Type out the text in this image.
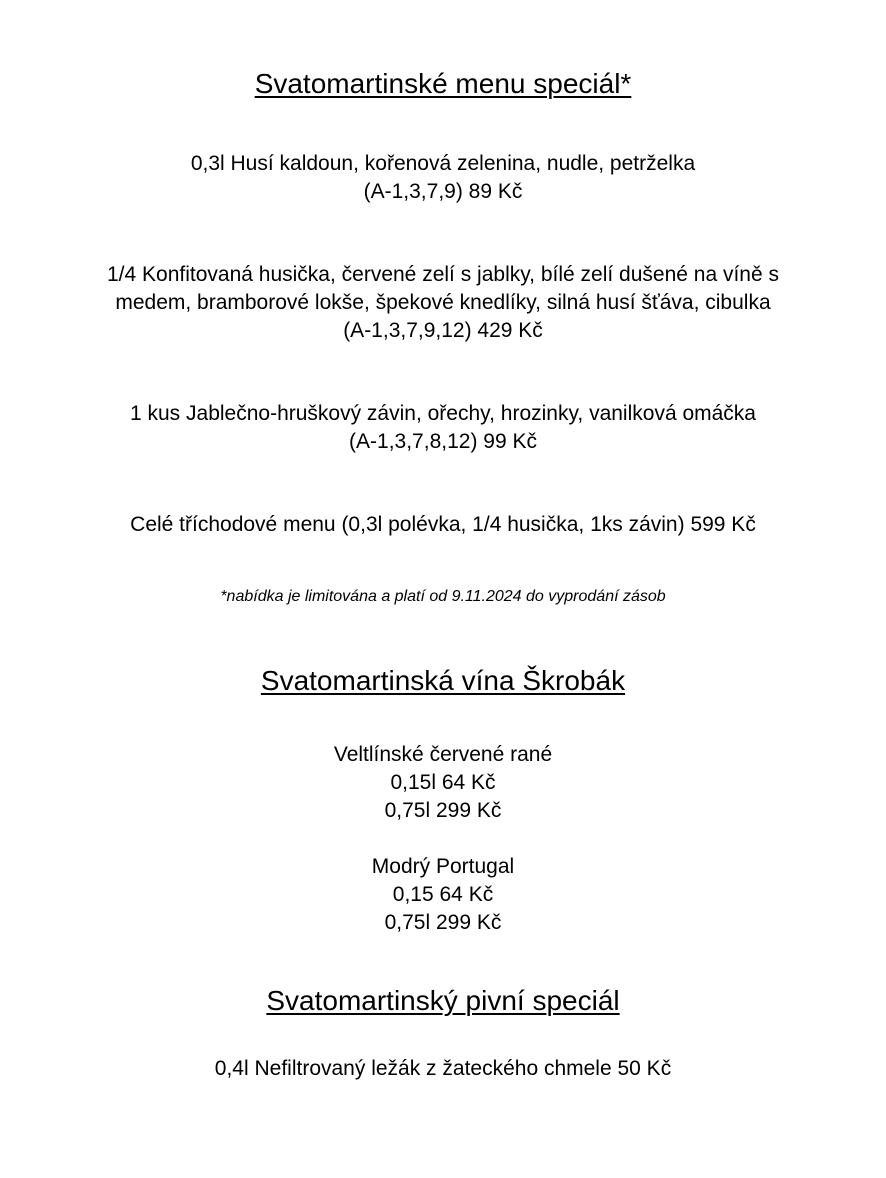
Svatomartinské menu speciál*
0,3l Husí kaldoun, kořenová zelenina, nudle, petrželka
(A-1,3,7,9) 89 Kč
1/4 Konfitovaná husička, červené zelí s jablky, bílé zelí dušené na víně s
medem, bramborové lokše, špekové knedlíky, silná husí šťáva, cibulka
(A-1,3,7,9,12) 429 Kč
1 kus Jablečno-hruškový závin, ořechy, hrozinky, vanilková omáčka
(A-1,3,7,8,12) 99 Kč
Celé tříchodové menu (0,3l polévka, 1/4 husička, 1ks závin) 599 Kč
*nabídka je limitována a platí od 9.11.2024 do vyprodání zásob
Svatomartinská vína Škrobák
Veltlínské červené rané
0,15l 64 Kč
0,75l 299 Kč
Modrý Portugal
0,15 64 Kč
0,75l 299 Kč
Svatomartinský pivní speciál
0,4l Nefiltrovaný ležák z žateckého chmele 50 Kč
